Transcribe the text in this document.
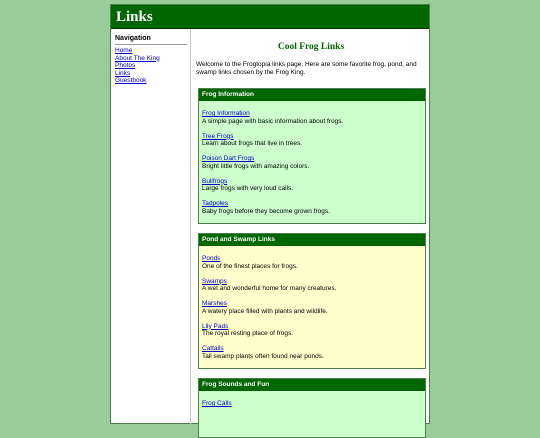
Links
Navigation
Home
About The King
Photos
Links
Guestbook
Cool Frog Links

Welcome to the Frogtopia links page. Here are some favorite frog, pond, and swamp links chosen by the Frog King.

Frog Information
Frog Information
A simple page with basic information about frogs.
Tree Frogs
Learn about frogs that live in trees.
Poison Dart Frogs
Bright little frogs with amazing colors.
Bullfrogs
Large frogs with very loud calls.
Tadpoles
Baby frogs before they become grown frogs.
Pond and Swamp Links
Ponds
One of the finest places for frogs.
Swamps
A wet and wonderful home for many creatures.
Marshes
A watery place filled with plants and wildlife.
Lily Pads
The royal resting place of frogs.
Cattails
Tall swamp plants often found near ponds.
Frog Sounds and Fun
Frog Calls
